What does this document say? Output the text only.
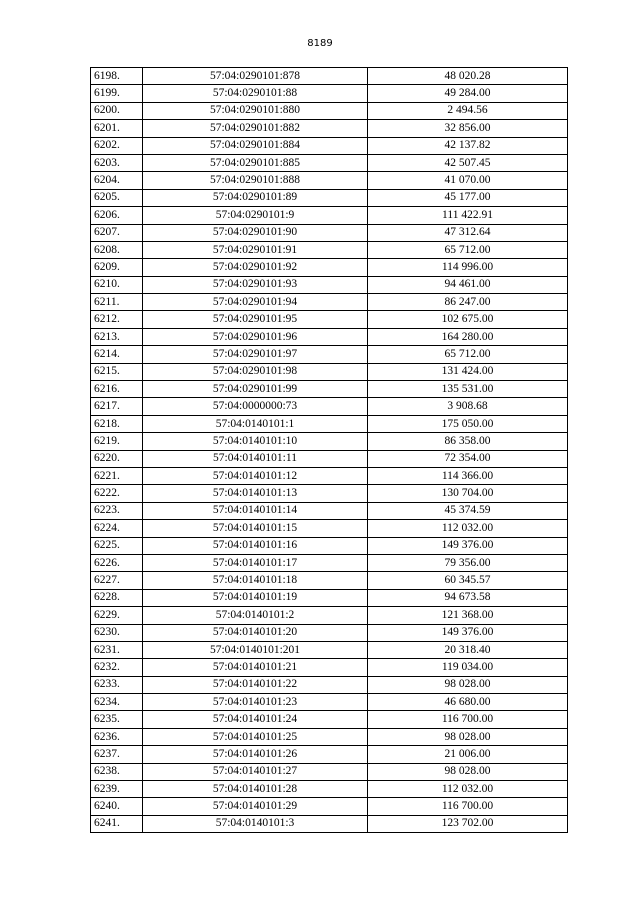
8189
6198.	57:04:0290101:878	48 020.28
6199.	57:04:0290101:88	49 284.00
6200.	57:04:0290101:880	2 494.56
6201.	57:04:0290101:882	32 856.00
6202.	57:04:0290101:884	42 137.82
6203.	57:04:0290101:885	42 507.45
6204.	57:04:0290101:888	41 070.00
6205.	57:04:0290101:89	45 177.00
6206.	57:04:0290101:9	111 422.91
6207.	57:04:0290101:90	47 312.64
6208.	57:04:0290101:91	65 712.00
6209.	57:04:0290101:92	114 996.00
6210.	57:04:0290101:93	94 461.00
6211.	57:04:0290101:94	86 247.00
6212.	57:04:0290101:95	102 675.00
6213.	57:04:0290101:96	164 280.00
6214.	57:04:0290101:97	65 712.00
6215.	57:04:0290101:98	131 424.00
6216.	57:04:0290101:99	135 531.00
6217.	57:04:0000000:73	3 908.68
6218.	57:04:0140101:1	175 050.00
6219.	57:04:0140101:10	86 358.00
6220.	57:04:0140101:11	72 354.00
6221.	57:04:0140101:12	114 366.00
6222.	57:04:0140101:13	130 704.00
6223.	57:04:0140101:14	45 374.59
6224.	57:04:0140101:15	112 032.00
6225.	57:04:0140101:16	149 376.00
6226.	57:04:0140101:17	79 356.00
6227.	57:04:0140101:18	60 345.57
6228.	57:04:0140101:19	94 673.58
6229.	57:04:0140101:2	121 368.00
6230.	57:04:0140101:20	149 376.00
6231.	57:04:0140101:201	20 318.40
6232.	57:04:0140101:21	119 034.00
6233.	57:04:0140101:22	98 028.00
6234.	57:04:0140101:23	46 680.00
6235.	57:04:0140101:24	116 700.00
6236.	57:04:0140101:25	98 028.00
6237.	57:04:0140101:26	21 006.00
6238.	57:04:0140101:27	98 028.00
6239.	57:04:0140101:28	112 032.00
6240.	57:04:0140101:29	116 700.00
6241.	57:04:0140101:3	123 702.00
